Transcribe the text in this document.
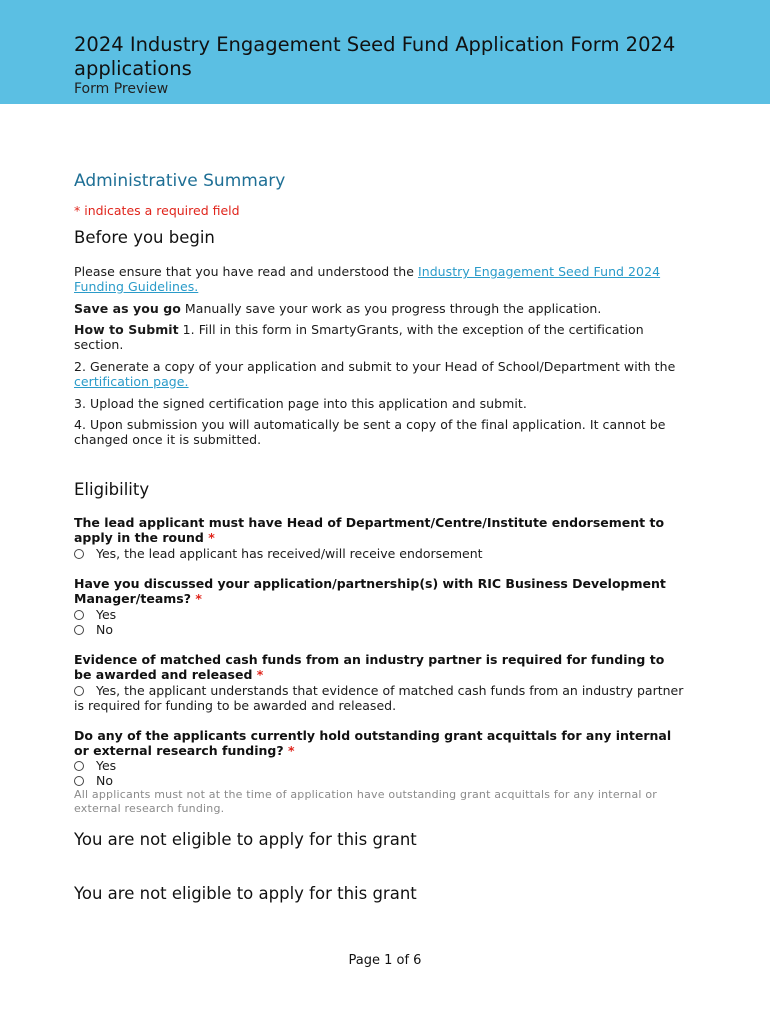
2024 Industry Engagement Seed Fund Application Form 2024 applications
Form Preview
Administrative Summary
* indicates a required field
Before you begin
Please ensure that you have read and understood the Industry Engagement Seed Fund 2024 Funding Guidelines.
Save as you go Manually save your work as you progress through the application.
How to Submit 1. Fill in this form in SmartyGrants, with the exception of the certification section.
2. Generate a copy of your application and submit to your Head of School/Department with the certification page.
3. Upload the signed certification page into this application and submit.
4. Upon submission you will automatically be sent a copy of the final application. It cannot be changed once it is submitted.
Eligibility
The lead applicant must have Head of Department/Centre/Institute endorsement to apply in the round *
Yes, the lead applicant has received/will receive endorsement
Have you discussed your application/partnership(s) with RIC Business Development Manager/teams? *
Yes
No
Evidence of matched cash funds from an industry partner is required for funding to be awarded and released *
Yes, the applicant understands that evidence of matched cash funds from an industry partner is required for funding to be awarded and released.
Do any of the applicants currently hold outstanding grant acquittals for any internal or external research funding? *
Yes
No
All applicants must not at the time of application have outstanding grant acquittals for any internal or external research funding.
You are not eligible to apply for this grant
You are not eligible to apply for this grant
Page 1 of 6
